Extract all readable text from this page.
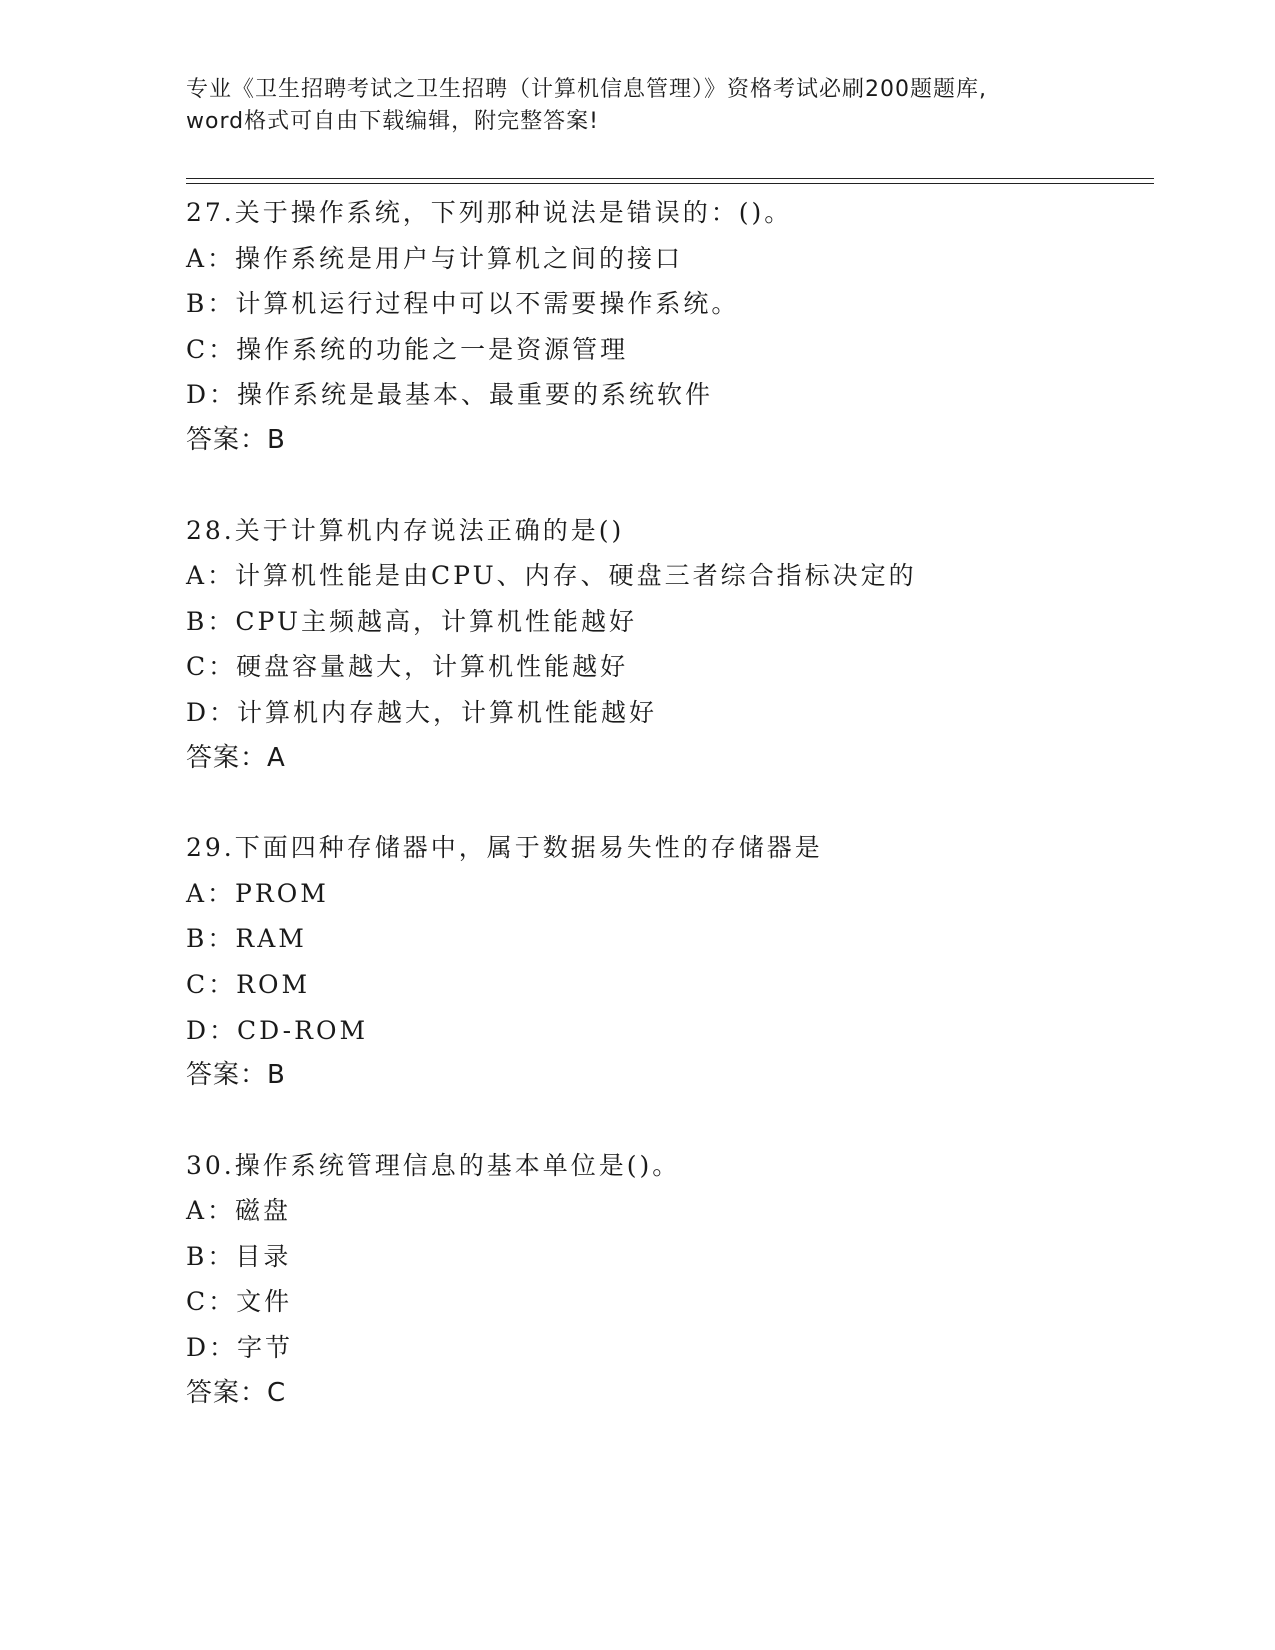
专业《卫生招聘考试之卫生招聘（计算机信息管理）》资格考试必刷200题题库,
word格式可自由下载编辑，附完整答案!
27.关于操作系统，下列那种说法是错误的：()。
A：操作系统是用户与计算机之间的接口
B：计算机运行过程中可以不需要操作系统。
C：操作系统的功能之一是资源管理
D：操作系统是最基本、最重要的系统软件
答案：B
28.关于计算机内存说法正确的是()
A：计算机性能是由CPU、内存、硬盘三者综合指标决定的
B：CPU主频越高，计算机性能越好
C：硬盘容量越大，计算机性能越好
D：计算机内存越大，计算机性能越好
答案：A
29.下面四种存储器中，属于数据易失性的存储器是
A：PROM
B：RAM
C：ROM
D：CD-ROM
答案：B
30.操作系统管理信息的基本单位是()。
A：磁盘
B：目录
C：文件
D：字节
答案：C
